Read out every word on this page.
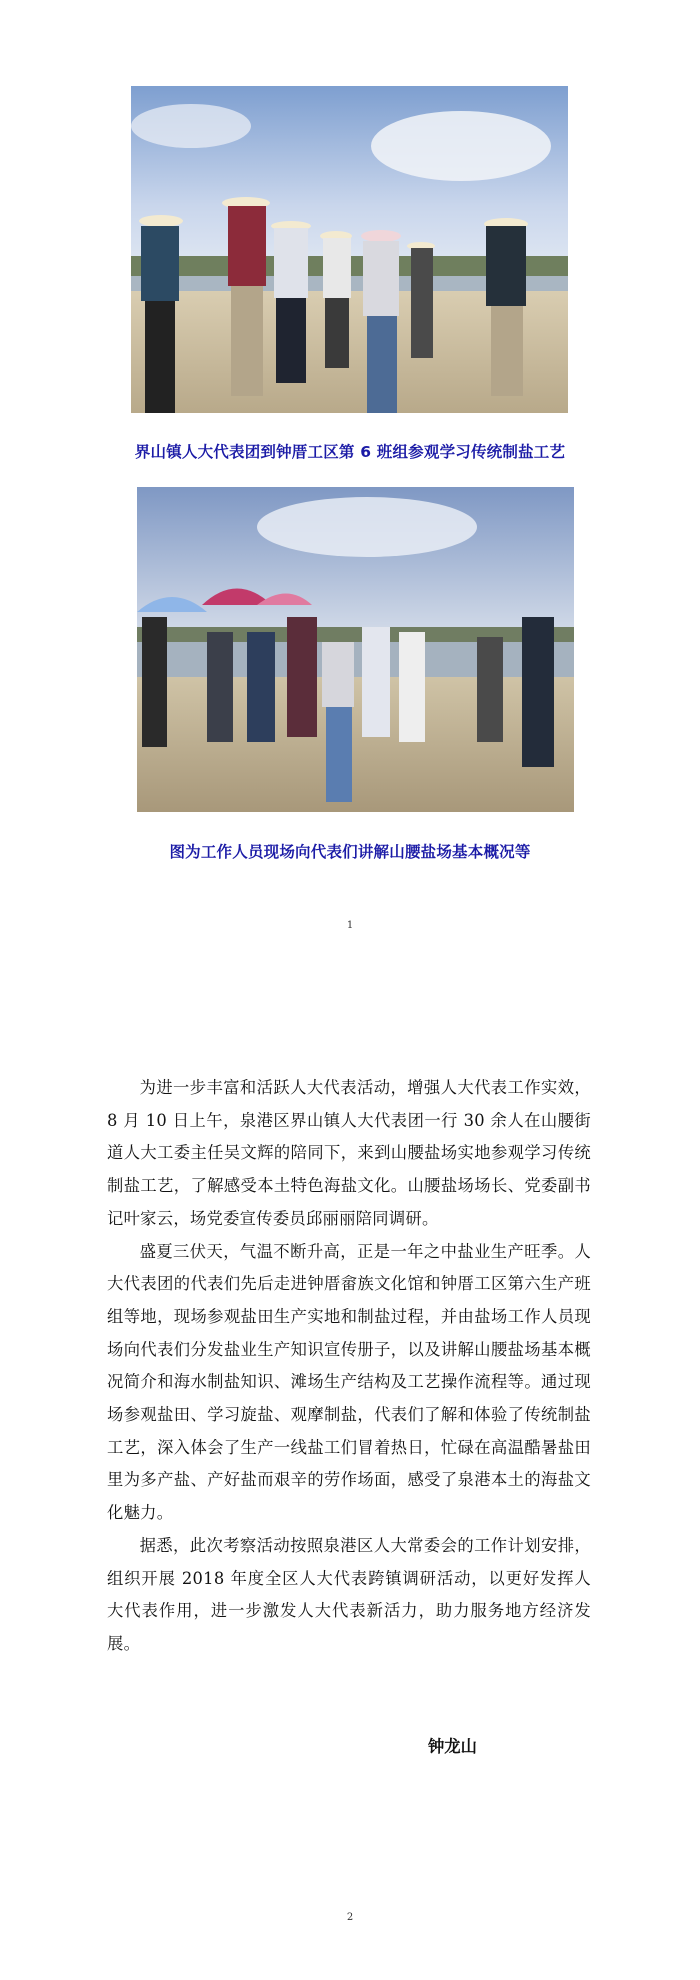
界山镇人大代表团到钟厝工区第 6 班组参观学习传统制盐工艺
图为工作人员现场向代表们讲解山腰盐场基本概况等
1

为进一步丰富和活跃人大代表活动，增强人大代表工作实效，8 月 10 日上午，泉港区界山镇人大代表团一行 30 余人在山腰街道人大工委主任吴文辉的陪同下，来到山腰盐场实地参观学习传统制盐工艺，了解感受本土特色海盐文化。山腰盐场场长、党委副书记叶家云，场党委宣传委员邱丽丽陪同调研。

盛夏三伏天，气温不断升高，正是一年之中盐业生产旺季。人大代表团的代表们先后走进钟厝畲族文化馆和钟厝工区第六生产班组等地，现场参观盐田生产实地和制盐过程，并由盐场工作人员现场向代表们分发盐业生产知识宣传册子，以及讲解山腰盐场基本概况简介和海水制盐知识、滩场生产结构及工艺操作流程等。通过现场参观盐田、学习旋盐、观摩制盐，代表们了解和体验了传统制盐工艺，深入体会了生产一线盐工们冒着热日，忙碌在高温酷暑盐田里为多产盐、产好盐而艰辛的劳作场面，感受了泉港本土的海盐文化魅力。

据悉，此次考察活动按照泉港区人大常委会的工作计划安排，组织开展 2018 年度全区人大代表跨镇调研活动，以更好发挥人大代表作用，进一步激发人大代表新活力，助力服务地方经济发展。

钟龙山
2
